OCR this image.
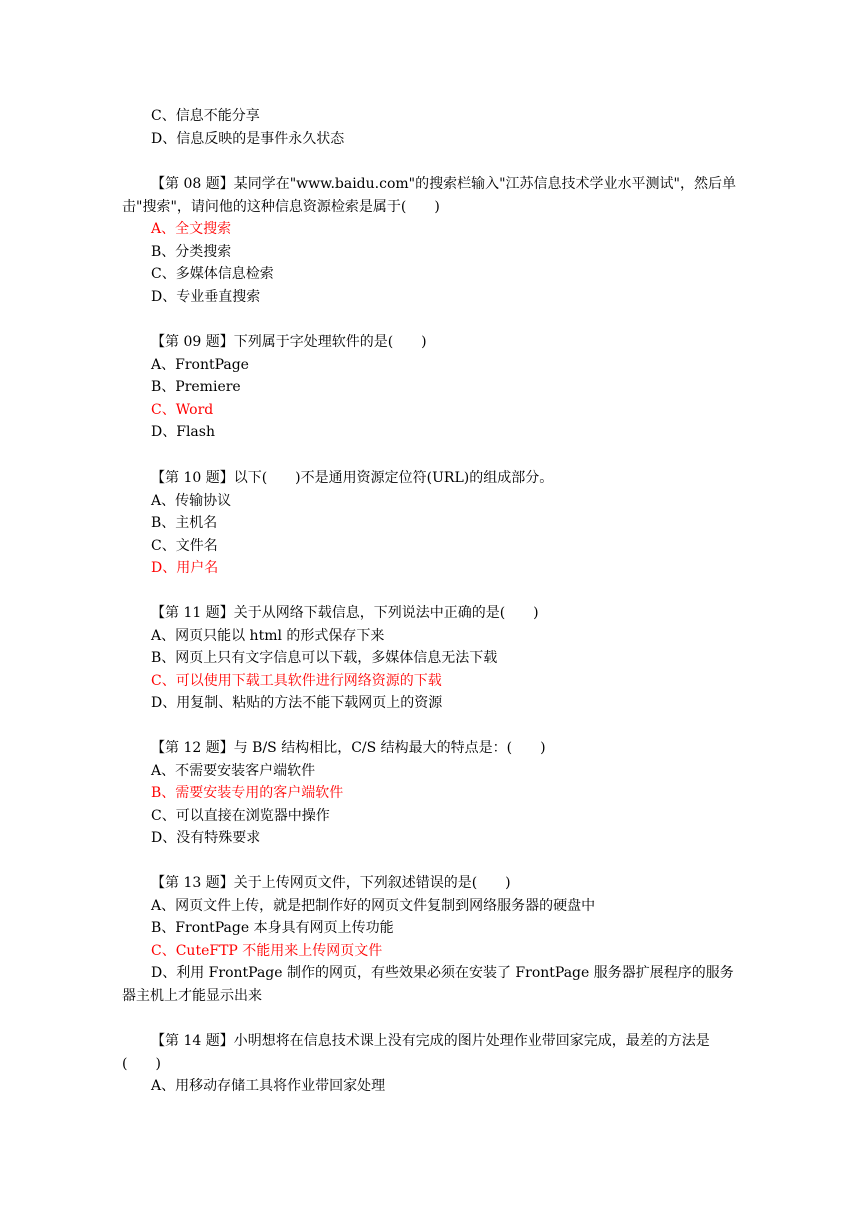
C、信息不能分享
D、信息反映的是事件永久状态
【第 08 题】某同学在"www.baidu.com"的搜索栏输入"江苏信息技术学业水平测试"，然后单击"搜索"，请问他的这种信息资源检索是属于(　　)
A、全文搜索
B、分类搜索
C、多媒体信息检索
D、专业垂直搜索
【第 09 题】下列属于字处理软件的是(　　)
A、FrontPage
B、Premiere
C、Word
D、Flash
【第 10 题】以下(　　)不是通用资源定位符(URL)的组成部分。
A、传输协议
B、主机名
C、文件名
D、用户名
【第 11 题】关于从网络下载信息，下列说法中正确的是(　　)
A、网页只能以 html 的形式保存下来
B、网页上只有文字信息可以下载，多媒体信息无法下载
C、可以使用下载工具软件进行网络资源的下载
D、用复制、粘贴的方法不能下载网页上的资源
【第 12 题】与 B/S 结构相比，C/S 结构最大的特点是：(　　)
A、不需要安装客户端软件
B、需要安装专用的客户端软件
C、可以直接在浏览器中操作
D、没有特殊要求
【第 13 题】关于上传网页文件，下列叙述错误的是(　　)
A、网页文件上传，就是把制作好的网页文件复制到网络服务器的硬盘中
B、FrontPage 本身具有网页上传功能
C、CuteFTP 不能用来上传网页文件
D、利用 FrontPage 制作的网页，有些效果必须在安装了 FrontPage 服务器扩展程序的服务器主机上才能显示出来
【第 14 题】小明想将在信息技术课上没有完成的图片处理作业带回家完成，最差的方法是(　　)
A、用移动存储工具将作业带回家处理
